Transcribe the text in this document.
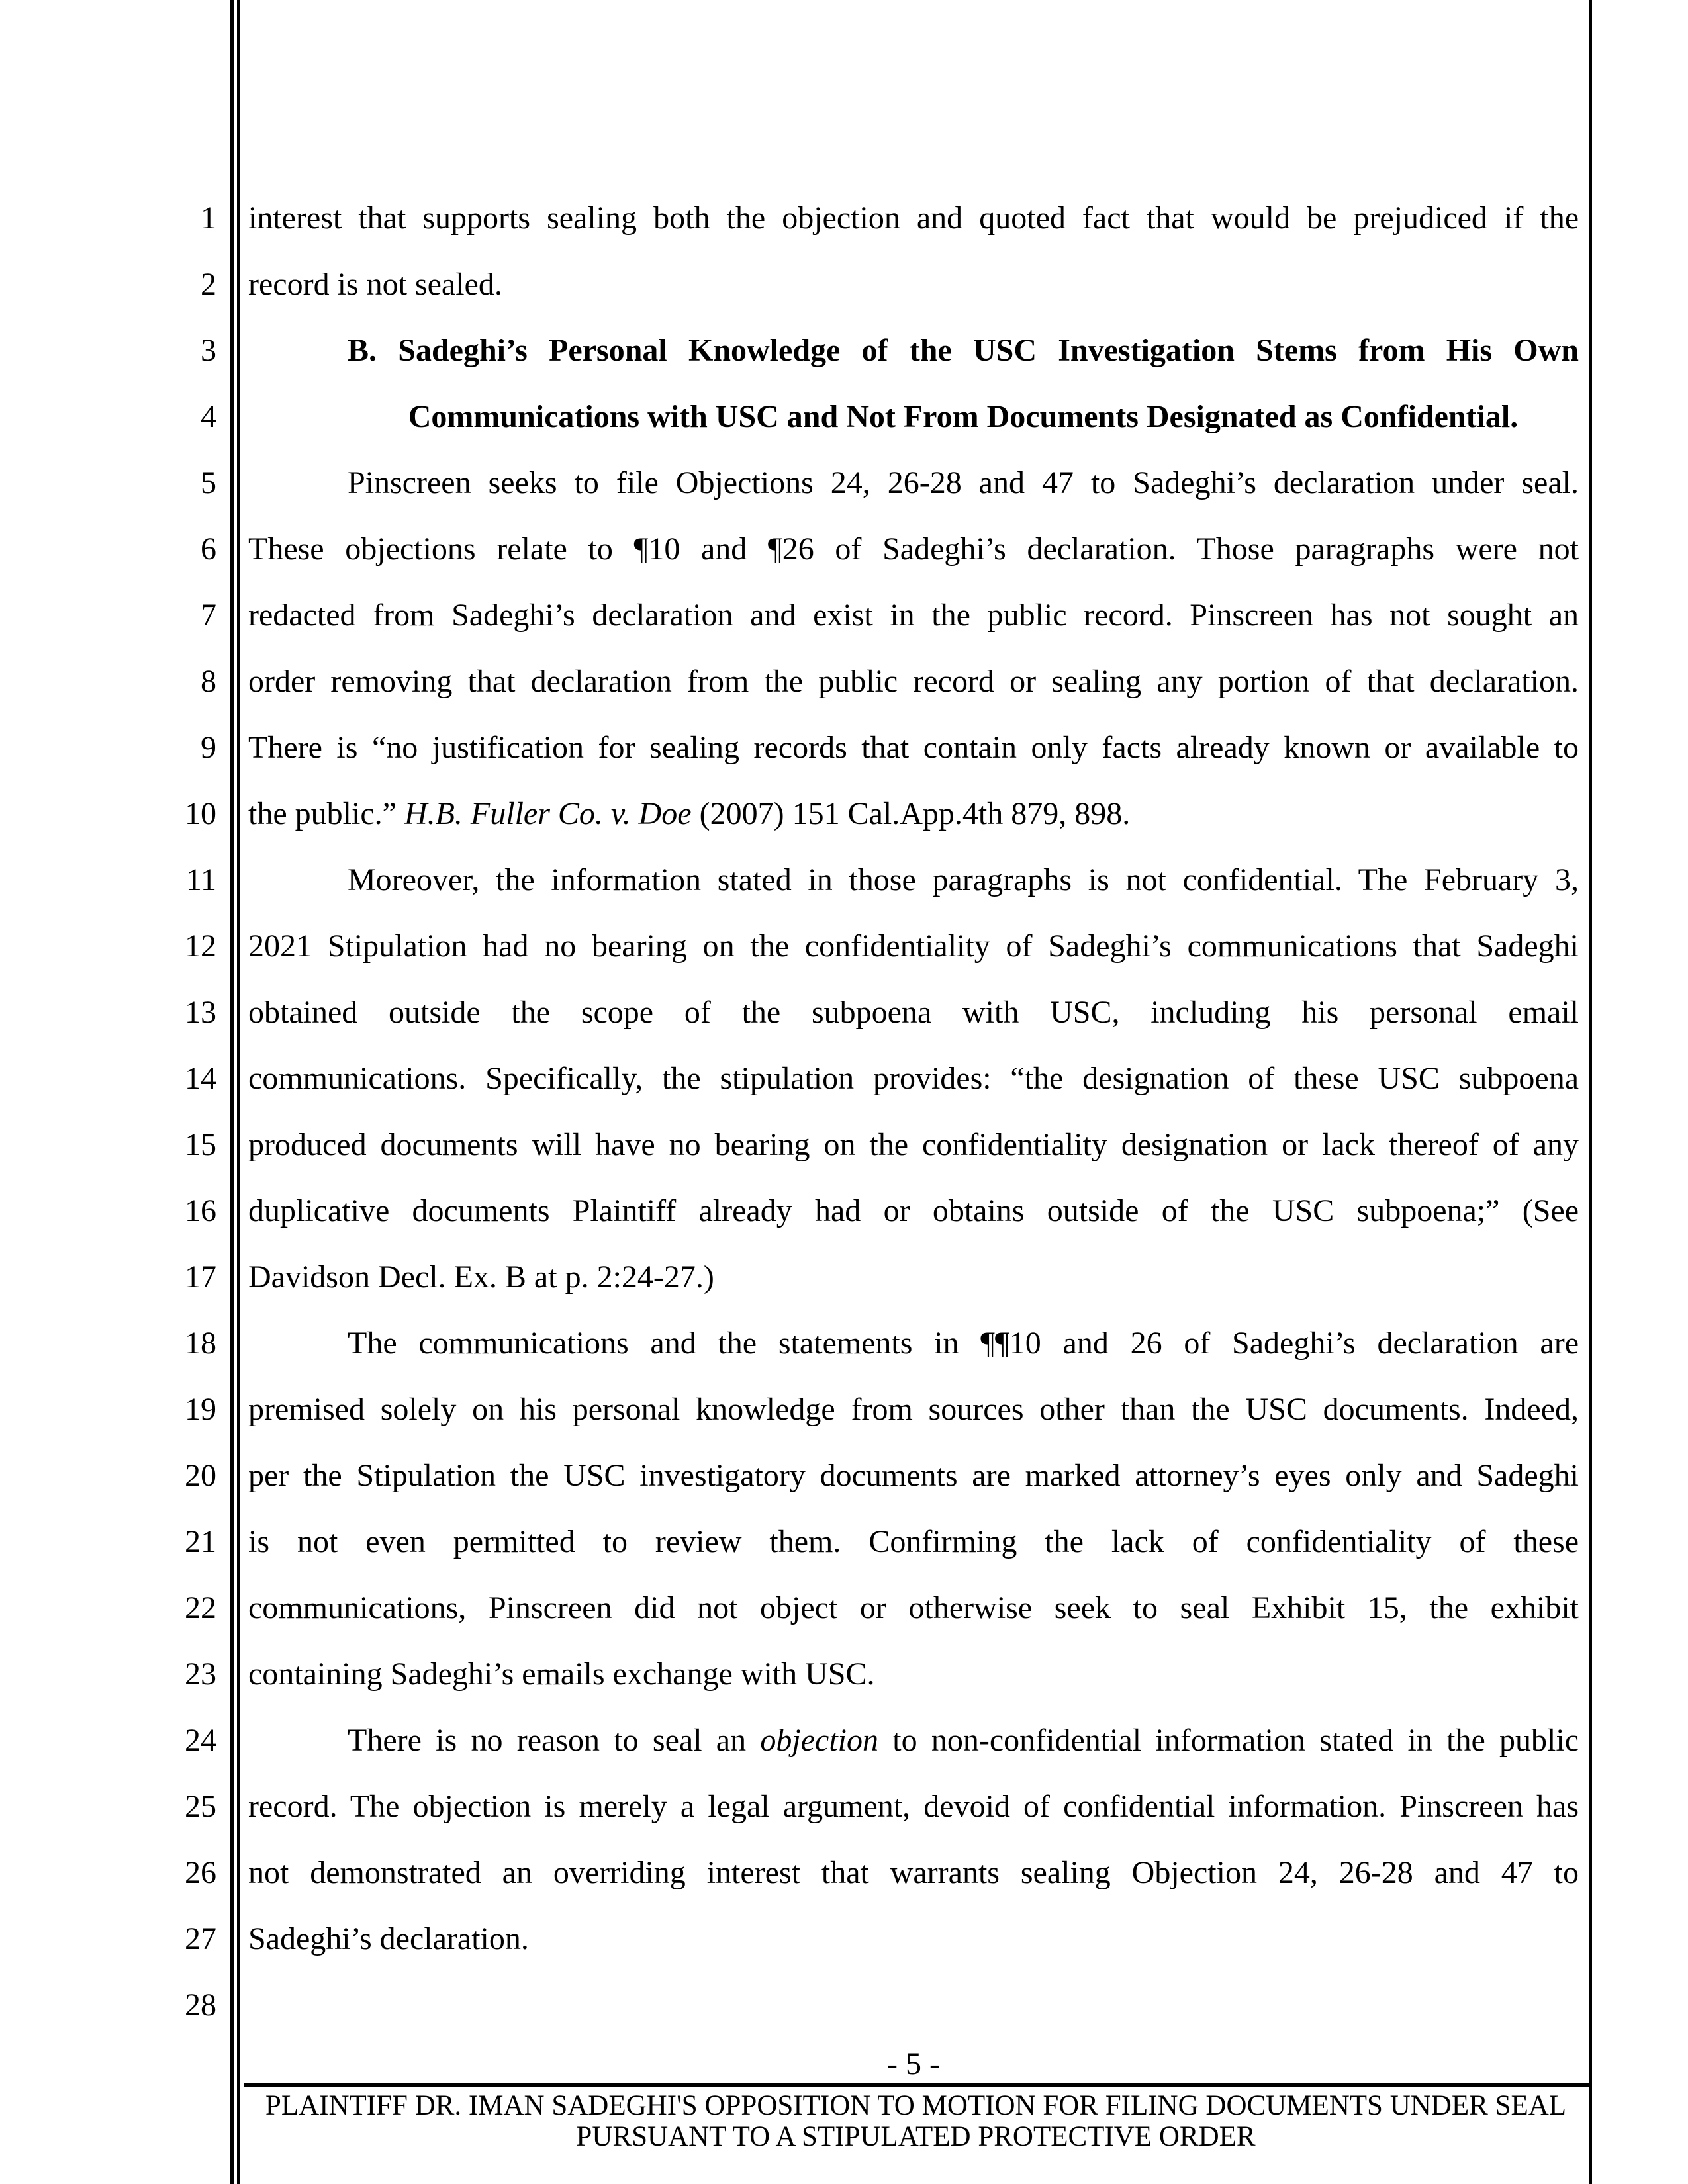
1 interest that supports sealing both the objection and quoted fact that would be prejudiced if the
2 record is not sealed.
3	B. Sadeghi’s Personal Knowledge of the USC Investigation Stems from His Own
4	Communications with USC and Not From Documents Designated as Confidential.
5	Pinscreen seeks to file Objections 24, 26-28 and 47 to Sadeghi’s declaration under seal.
6 These objections relate to ¶10 and ¶26 of Sadeghi’s declaration. Those paragraphs were not
7 redacted from Sadeghi’s declaration and exist in the public record. Pinscreen has not sought an
8 order removing that declaration from the public record or sealing any portion of that declaration.
9 There is “no justification for sealing records that contain only facts already known or available to
10 the public.” H.B. Fuller Co. v. Doe (2007) 151 Cal.App.4th 879, 898.
11	Moreover, the information stated in those paragraphs is not confidential. The February 3,
12 2021 Stipulation had no bearing on the confidentiality of Sadeghi’s communications that Sadeghi
13 obtained outside the scope of the subpoena with USC, including his personal email
14 communications. Specifically, the stipulation provides: “the designation of these USC subpoena
15 produced documents will have no bearing on the confidentiality designation or lack thereof of any
16 duplicative documents Plaintiff already had or obtains outside of the USC subpoena;” (See
17 Davidson Decl. Ex. B at p. 2:24-27.)
18	The communications and the statements in ¶¶10 and 26 of Sadeghi’s declaration are
19 premised solely on his personal knowledge from sources other than the USC documents. Indeed,
20 per the Stipulation the USC investigatory documents are marked attorney’s eyes only and Sadeghi
21 is not even permitted to review them. Confirming the lack of confidentiality of these
22 communications, Pinscreen did not object or otherwise seek to seal Exhibit 15, the exhibit
23 containing Sadeghi’s emails exchange with USC.
24	There is no reason to seal an objection to non-confidential information stated in the public
25 record. The objection is merely a legal argument, devoid of confidential information. Pinscreen has
26 not demonstrated an overriding interest that warrants sealing Objection 24, 26-28 and 47 to
27 Sadeghi’s declaration.
28
- 5 -
PLAINTIFF DR. IMAN SADEGHI'S OPPOSITION TO MOTION FOR FILING DOCUMENTS UNDER SEAL
PURSUANT TO A STIPULATED PROTECTIVE ORDER
